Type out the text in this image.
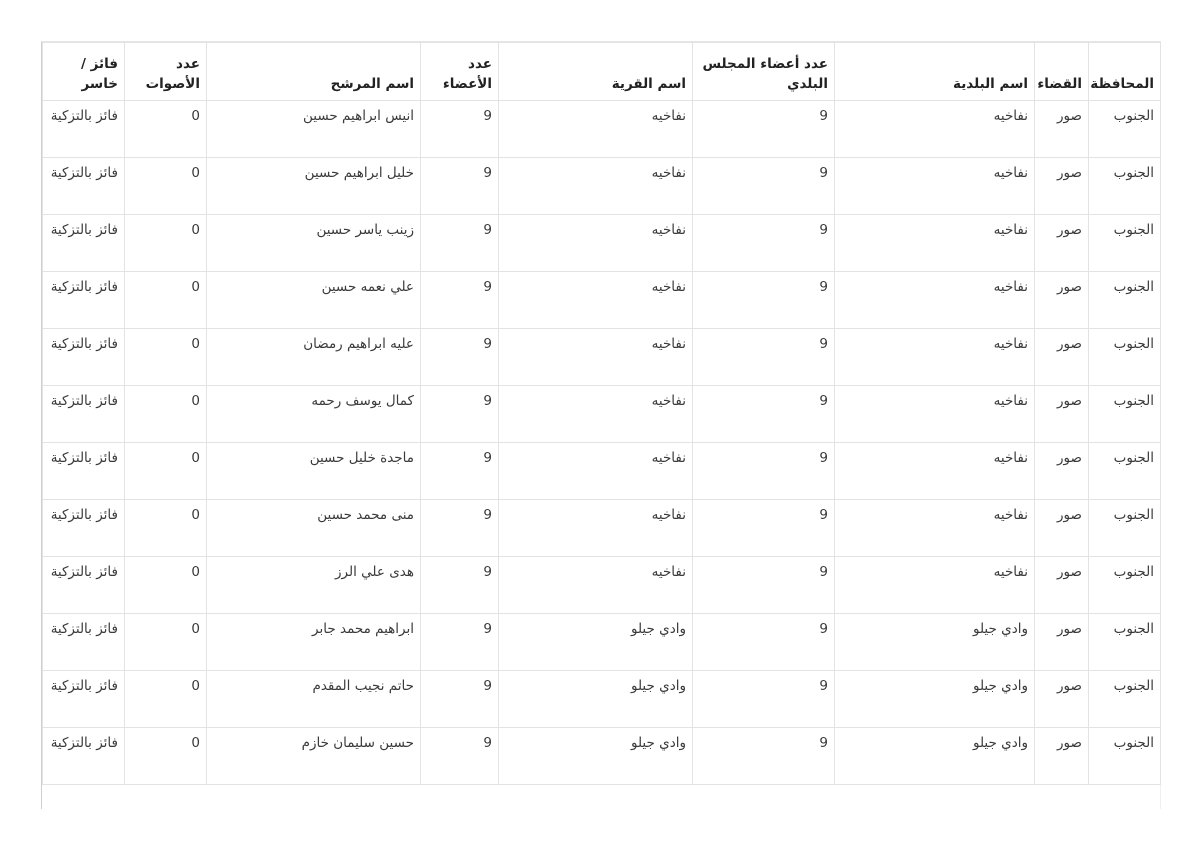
المحافظة	القضاء	اسم البلدية	عدد أعضاء المجلس البلدي	اسم القرية	عدد الأعضاء	اسم المرشح	عدد الأصوات	فائز / خاسر
الجنوب	صور	نفاخيه	9	نفاخيه	9	انيس ابراهيم حسين	0	فائز بالتزكية
الجنوب	صور	نفاخيه	9	نفاخيه	9	خليل ابراهيم حسين	0	فائز بالتزكية
الجنوب	صور	نفاخيه	9	نفاخيه	9	زينب ياسر حسين	0	فائز بالتزكية
الجنوب	صور	نفاخيه	9	نفاخيه	9	علي نعمه حسين	0	فائز بالتزكية
الجنوب	صور	نفاخيه	9	نفاخيه	9	عليه ابراهيم رمضان	0	فائز بالتزكية
الجنوب	صور	نفاخيه	9	نفاخيه	9	كمال يوسف رحمه	0	فائز بالتزكية
الجنوب	صور	نفاخيه	9	نفاخيه	9	ماجدة خليل حسين	0	فائز بالتزكية
الجنوب	صور	نفاخيه	9	نفاخيه	9	منى محمد حسين	0	فائز بالتزكية
الجنوب	صور	نفاخيه	9	نفاخيه	9	هدى علي الرز	0	فائز بالتزكية
الجنوب	صور	وادي جيلو	9	وادي جيلو	9	ابراهيم محمد جابر	0	فائز بالتزكية
الجنوب	صور	وادي جيلو	9	وادي جيلو	9	حاتم نجيب المقدم	0	فائز بالتزكية
الجنوب	صور	وادي جيلو	9	وادي جيلو	9	حسين سليمان خازم	0	فائز بالتزكية
